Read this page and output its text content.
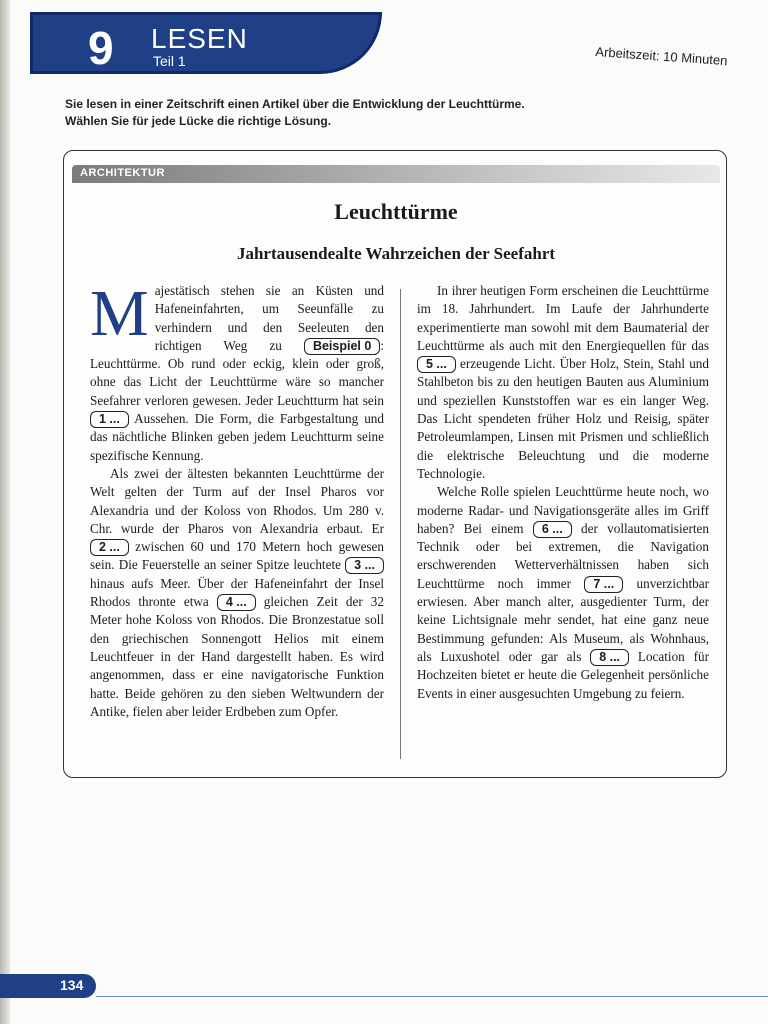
9 LESEN
Teil 1	Arbeitszeit: 10 Minuten
Sie lesen in einer Zeitschrift einen Artikel über die Entwicklung der Leuchttürme.
Wählen Sie für jede Lücke die richtige Lösung.
ARCHITEKTUR
Leuchttürme
Jahrtausendealte Wahrzeichen der Seefahrt

Majestätisch stehen sie an Küsten und Hafeneinfahrten, um Seeunfälle zu verhindern und den Seeleuten den richtigen Weg zu Beispiel 0 : Leuchttürme. Ob rund oder eckig, klein oder groß, ohne das Licht der Leuchttürme wäre so mancher Seefahrer verloren gewesen. Jeder Leuchtturm hat sein 1 ... Aussehen. Die Form, die Farbgestaltung und das nächtliche Blinken geben jedem Leuchtturm seine spezifische Kennung.

Als zwei der ältesten bekannten Leuchttürme der Welt gelten der Turm auf der Insel Pharos vor Alexandria und der Koloss von Rhodos. Um 280 v. Chr. wurde der Pharos von Alexandria erbaut. Er 2 ... zwischen 60 und 170 Metern hoch gewesen sein. Die Feuerstelle an seiner Spitze leuchtete 3 ... hinaus aufs Meer. Über der Hafeneinfahrt der Insel Rhodos thronte etwa 4 ... gleichen Zeit der 32 Meter hohe Koloss von Rhodos. Die Bronzestatue soll den griechischen Sonnengott Helios mit einem Leuchtfeuer in der Hand dargestellt haben. Es wird angenommen, dass er eine navigatorische Funktion hatte. Beide gehören zu den sieben Weltwundern der Antike, fielen aber leider Erdbeben zum Opfer.

In ihrer heutigen Form erscheinen die Leuchttürme im 18. Jahrhundert. Im Laufe der Jahrhunderte experimentierte man sowohl mit dem Baumaterial der Leuchttürme als auch mit den Energiequellen für das 5 ... erzeugende Licht. Über Holz, Stein, Stahl und Stahlbeton bis zu den heutigen Bauten aus Aluminium und speziellen Kunststoffen war es ein langer Weg. Das Licht spendeten früher Holz und Reisig, später Petroleumlampen, Linsen mit Prismen und schließlich die elektrische Beleuchtung und die moderne Technologie.

Welche Rolle spielen Leuchttürme heute noch, wo moderne Radar- und Navigationsgeräte alles im Griff haben? Bei einem 6 ... der vollautomatisierten Technik oder bei extremen, die Navigation erschwerenden Wetterverhältnissen haben sich Leuchttürme noch immer 7 ... unverzichtbar erwiesen. Aber manch alter, ausgedienter Turm, der keine Lichtsignale mehr sendet, hat eine ganz neue Bestimmung gefunden: Als Museum, als Wohnhaus, als Luxushotel oder gar als 8 ... Location für Hochzeiten bietet er heute die Gelegenheit persönliche Events in einer ausgesuchten Umgebung zu feiern.

134
